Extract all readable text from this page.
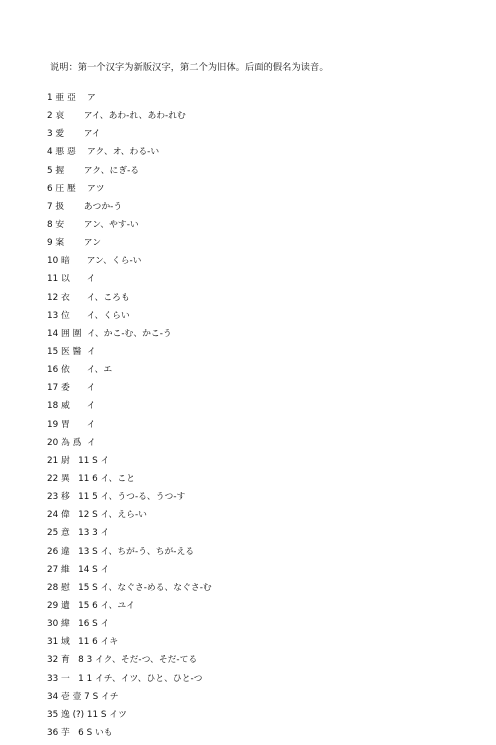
说明：第一个汉字为新版汉字，第二个为旧体。后面的假名为读音。
1 亜 亞    ア
2 哀       アイ、あわ-れ、あわ-れむ
3 愛       アイ
4 悪 惡    アク、オ、わる-い
5 握       アク、にぎ-る
6 圧 壓    アツ
7 扱       あつか-う
8 安       アン、やす-い
9 案       アン
10 暗      アン、くら-い
11 以      イ
12 衣      イ、ころも
13 位      イ、くらい
14 囲 圍  イ、かこ-む、かこ-う
15 医 醫  イ
16 依      イ、エ
17 委      イ
18 威      イ
19 胃      イ
20 為 爲  イ
21 尉   11 S イ
22 異   11 6 イ、こと
23 移   11 5 イ、うつ-る、うつ-す
24 偉   12 S イ、えら-い
25 意   13 3 イ
26 違   13 S イ、ちが-う、ちが-える
27 維   14 S イ
28 慰   15 S イ、なぐさ-める、なぐさ-む
29 遺   15 6 イ、ユイ
30 緯   16 S イ
31 域   11 6 イキ
32 育   8 3 イク、そだ-つ、そだ-てる
33 一   1 1 イチ、イツ、ひと、ひと-つ
34 壱 壹 7 S イチ
35 逸 (?) 11 S イツ
36 芋   6 S いも
